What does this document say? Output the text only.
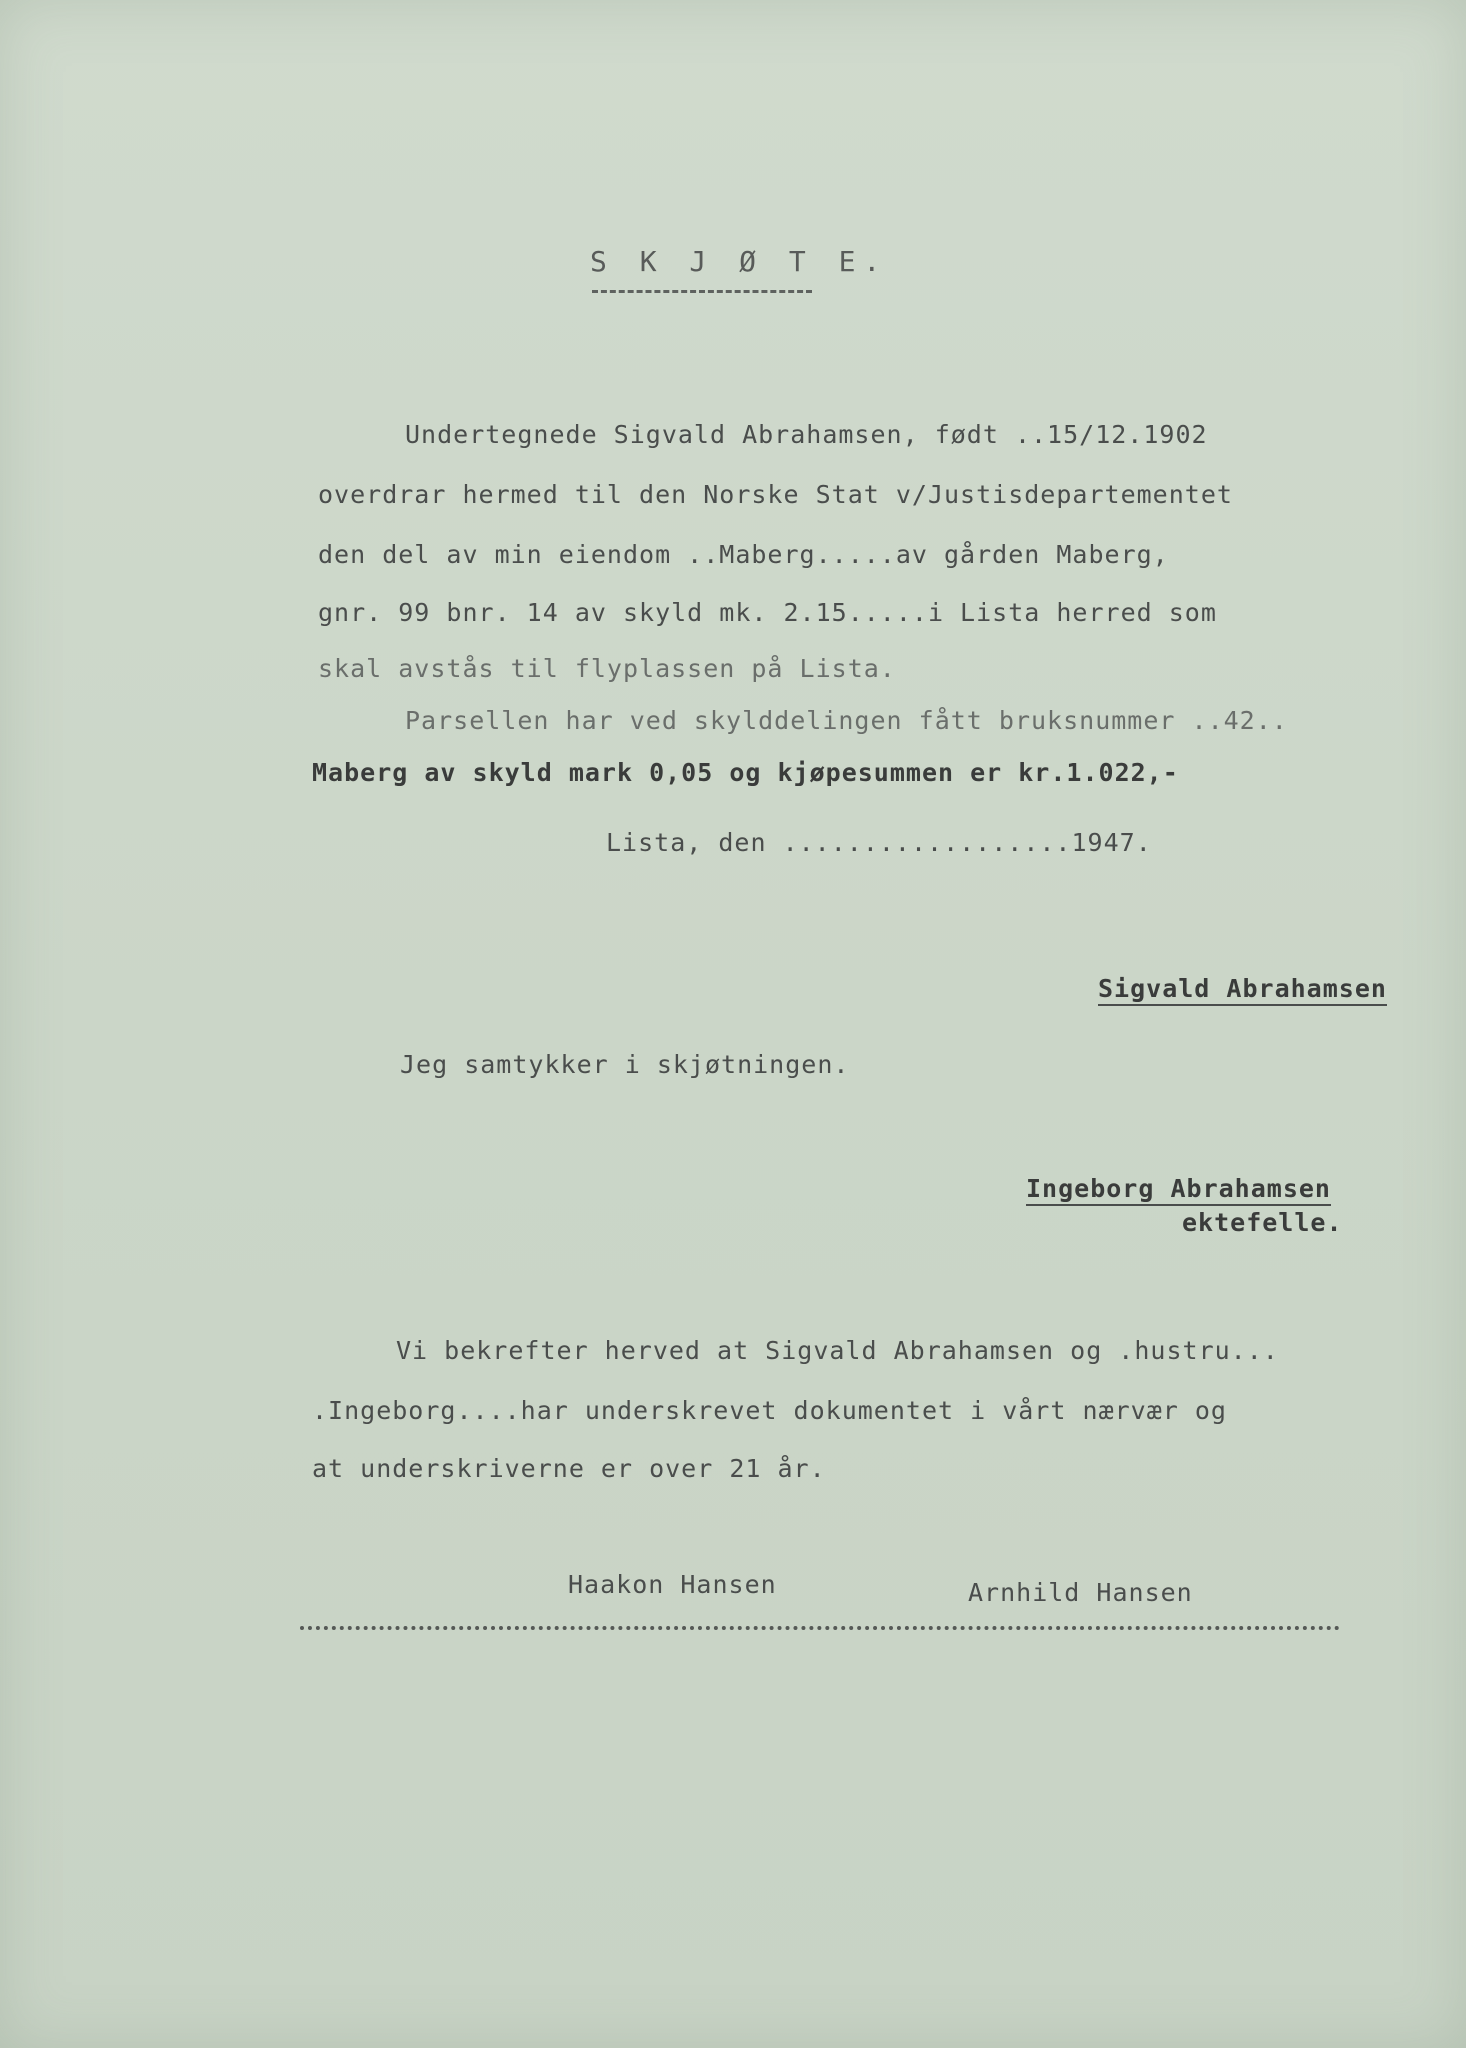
S K J Ø T E.
Undertegnede Sigvald Abrahamsen, født ..15/12.1902
overdrar hermed til den Norske Stat v/Justisdepartementet
den del av min eiendom ..Maberg.....av gården Maberg,
gnr. 99 bnr. 14 av skyld mk. 2.15.....i Lista herred som
skal avstås til flyplassen på Lista.
Parsellen har ved skylddelingen fått bruksnummer ..42..
Maberg av skyld mark 0,05 og kjøpesummen er kr.1.022,-
Lista, den ..................1947.
Sigvald Abrahamsen
Jeg samtykker i skjøtningen.
Ingeborg Abrahamsen
ektefelle.
Vi bekrefter herved at Sigvald Abrahamsen og .hustru...
.Ingeborg....har underskrevet dokumentet i vårt nærvær og
at underskriverne er over 21 år.
Haakon Hansen	Arnhild Hansen
